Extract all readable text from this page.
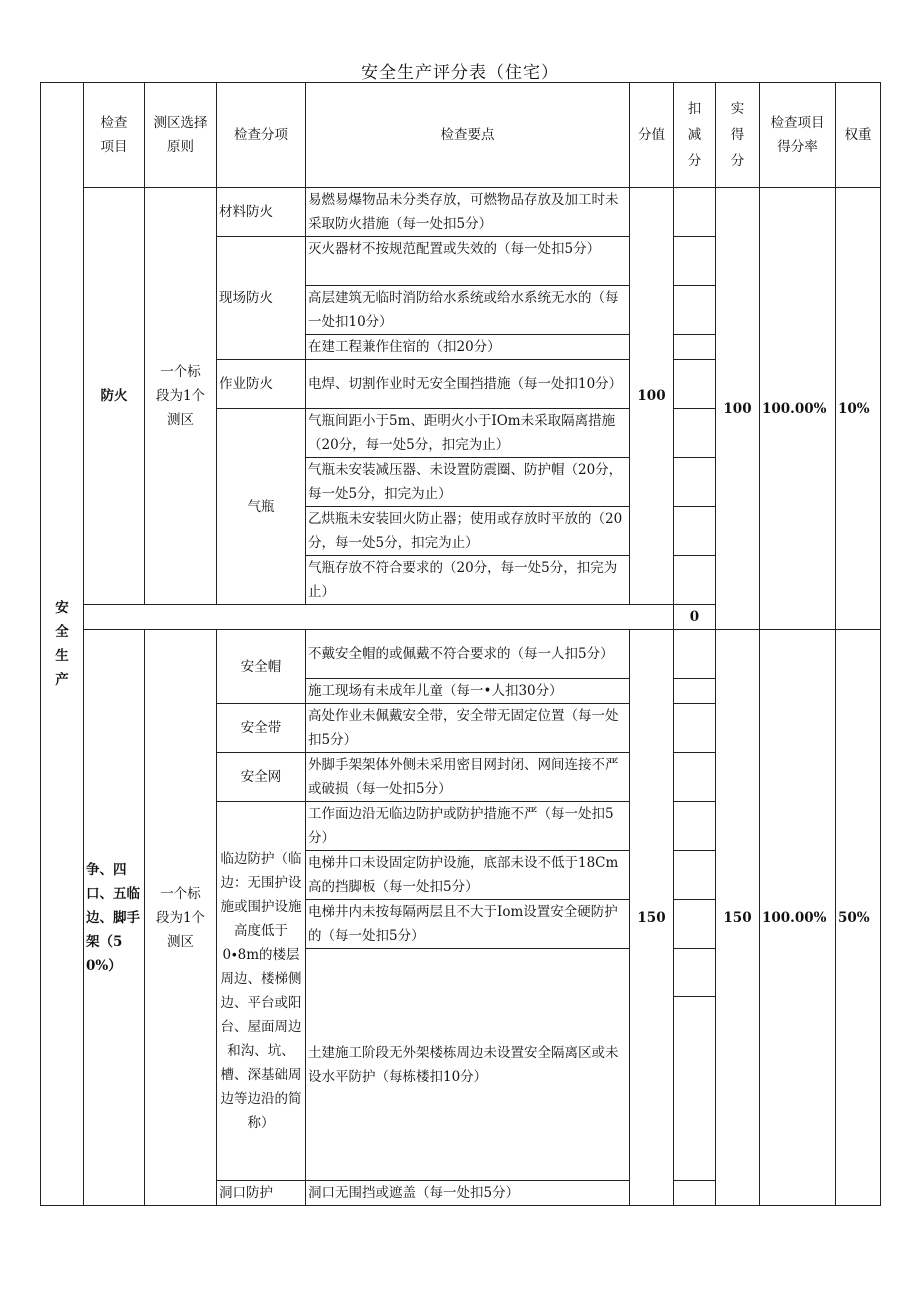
安全生产评分表（住宅）
安全生产	检查项目	测区选择原则	检查分项	检查要点	分值	扣减分	实得分	检查项目得分率	权重
	防火	一个标段为1个测区	材料防火	易燃易爆物品未分类存放，可燃物品存放及加工时未采取防火措施（每一处扣5分）	100		100	100.00%	10%
			现场防火	灭火器材不按规范配置或失效的（每一处扣5分）					
				高层建筑无临时消防给水系统或给水系统无水的（每一处扣10分）					
				在建工程兼作住宿的（扣20分）					
			作业防火	电焊、切割作业时无安全围挡措施（每一处扣10分）					
			气瓶	气瓶间距小于5m、距明火小于IOm未采取隔离措施（20分，每一处5分，扣完为止）					
				气瓶未安装减压器、未设置防震圈、防护帽（20分，每一处5分，扣完为止）					
				乙烘瓶未安装回火防止器；使用或存放时平放的（20分，每一处5分，扣完为止）					
				气瓶存放不符合要求的（20分，每一处5分，扣完为止）					
						0			

	争、四口、五临边、脚手架（50%）	一个标段为1个测区	安全帽	不戴安全帽的或佩戴不符合要求的（每一人扣5分）	150		150	100.00%	50%
				施工现场有未成年儿童（每一•人扣30分）					
			安全带	高处作业未佩戴安全带，安全带无固定位置（每一处扣5分）					
			安全网	外脚手架架体外侧未采用密目网封闭、网间连接不严或破损（每一处扣5分）					
			临边防护（临边：无围护设施或围护设施高度低于0∙8m的楼层周边、楼梯侧边、平台或阳台、屋面周边和沟、坑、槽、深基础周边等边沿的简称）	工作面边沿无临边防护或防护措施不严（每一处扣5分）					
				电梯井口未设固定防护设施，底部未设不低于18Cm高的挡脚板（每一处扣5分）					
				电梯井内未按每隔两层且不大于Iom设置安全硬防护的（每一处扣5分）					
				土建施工阶段无外架楼栋周边未设置安全隔离区或未设水平防护（每栋楼扣10分）					

			洞口防护	洞口无围挡或遮盖（每一处扣5分）					
